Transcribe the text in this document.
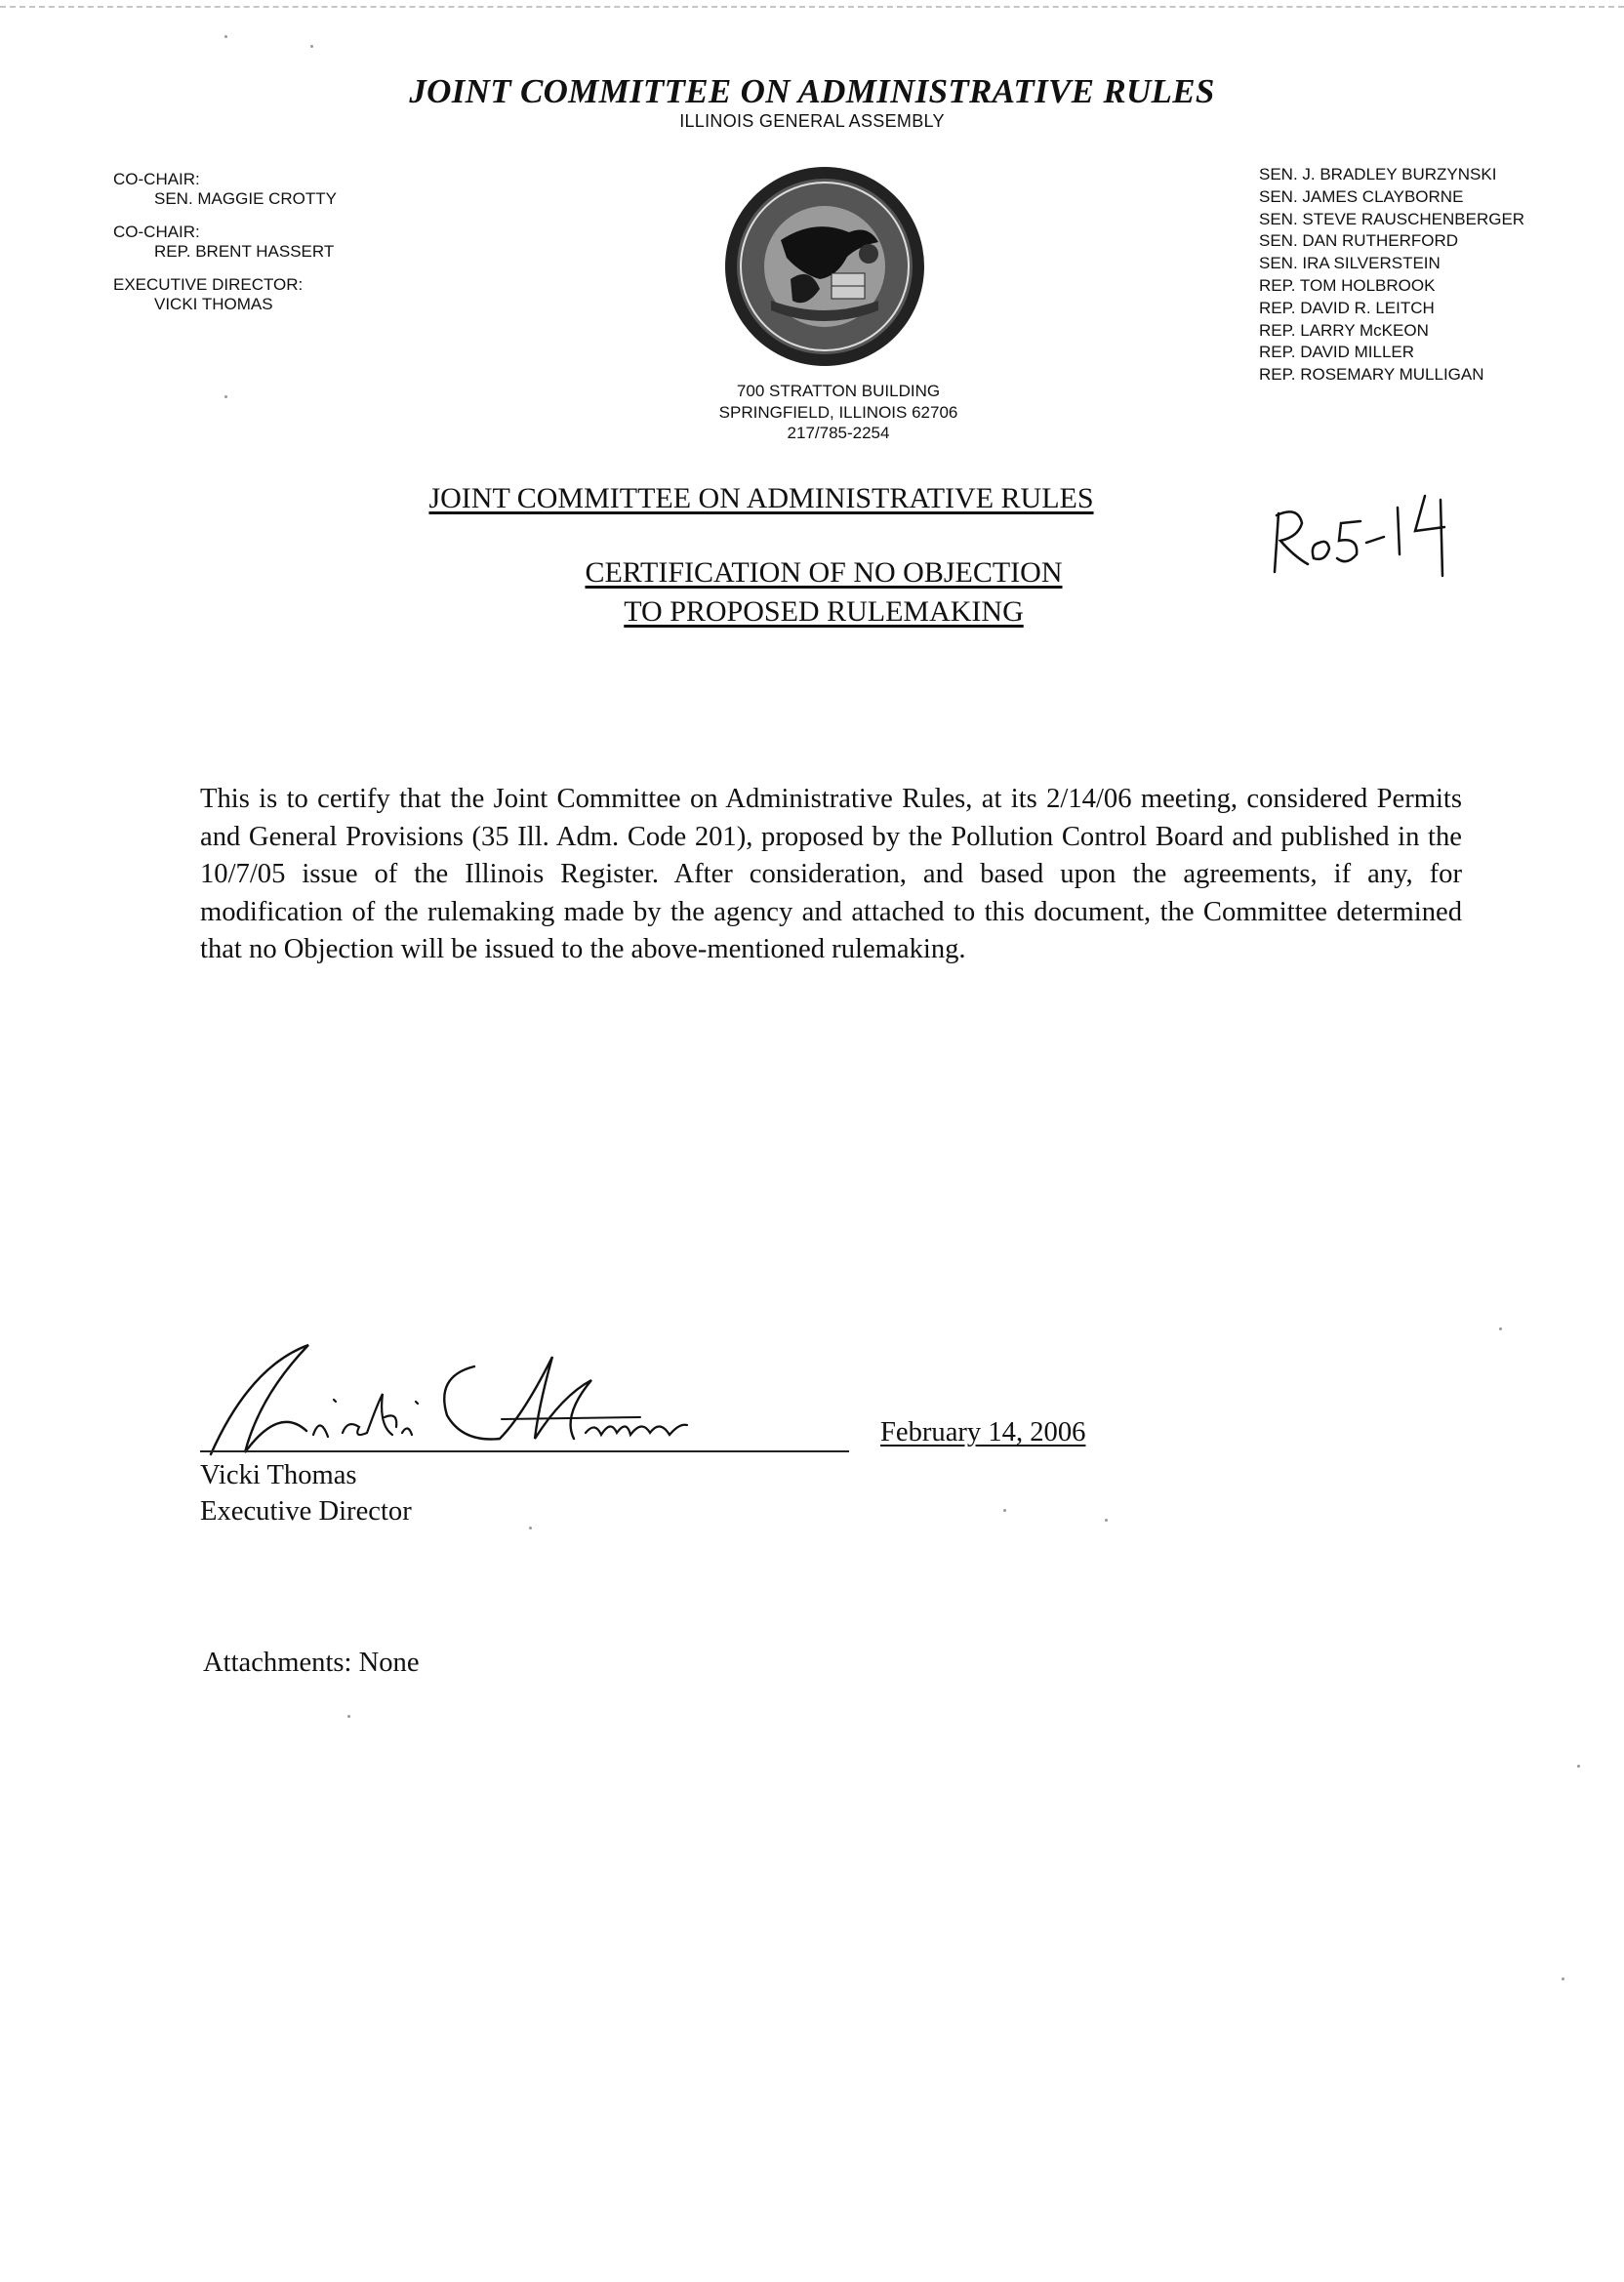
JOINT COMMITTEE ON ADMINISTRATIVE RULES
ILLINOIS GENERAL ASSEMBLY
CO-CHAIR:
SEN. MAGGIE CROTTY
CO-CHAIR:
REP. BRENT HASSERT
EXECUTIVE DIRECTOR:
VICKI THOMAS
SEN. J. BRADLEY BURZYNSKI
SEN. JAMES CLAYBORNE
SEN. STEVE RAUSCHENBERGER
SEN. DAN RUTHERFORD
SEN. IRA SILVERSTEIN
REP. TOM HOLBROOK
REP. DAVID R. LEITCH
REP. LARRY McKEON
REP. DAVID MILLER
REP. ROSEMARY MULLIGAN
700 STRATTON BUILDING
SPRINGFIELD, ILLINOIS 62706
217/785-2254
JOINT COMMITTEE ON ADMINISTRATIVE RULES
CERTIFICATION OF NO OBJECTION
TO PROPOSED RULEMAKING
This is to certify that the Joint Committee on Administrative Rules, at its 2/14/06 meeting, considered Permits and General Provisions (35 Ill. Adm. Code 201), proposed by the Pollution Control Board and published in the 10/7/05 issue of the Illinois Register. After consideration, and based upon the agreements, if any, for modification of the rulemaking made by the agency and attached to this document, the Committee determined that no Objection will be issued to the above-mentioned rulemaking.
February 14, 2006
Vicki Thomas
Executive Director
Attachments: None
